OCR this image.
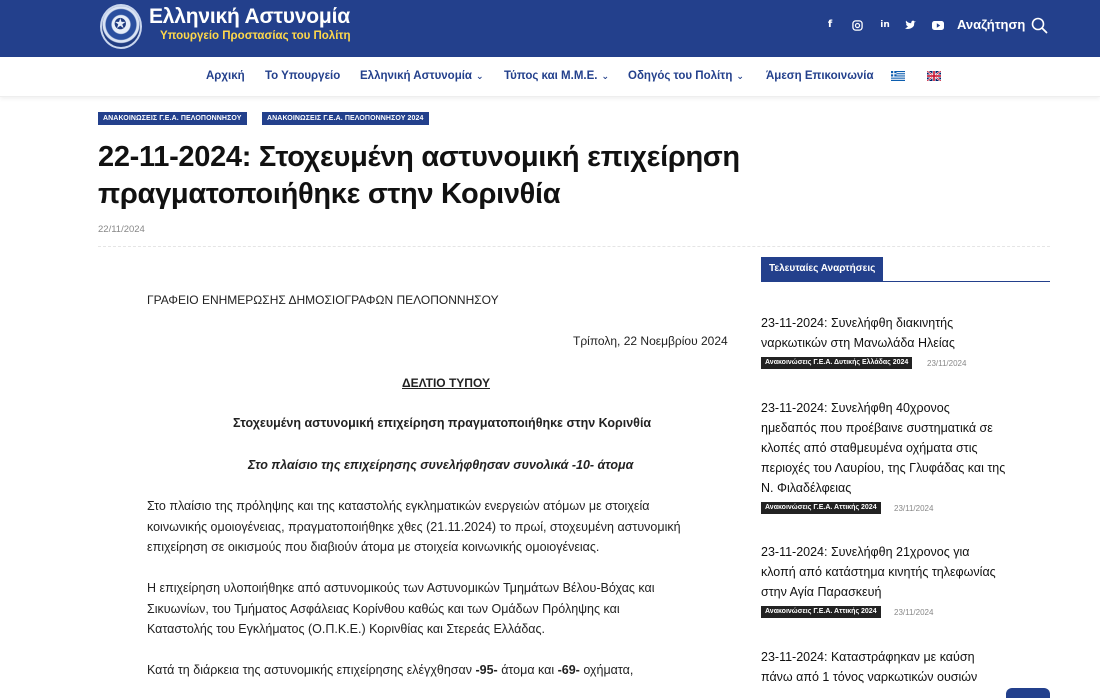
✪ Ελληνική Αστυνομία
Υπουργείο Προστασίας του Πολίτη
f	in	Αναζήτηση
Αρχική Το Υπουργείο Ελληνική Αστυνομία ⌄ Τύπος και Μ.Μ.Ε. ⌄ Οδηγός του Πολίτη ⌄ Άμεση Επικοινωνία
ΑΝΑΚΟΙΝΩΣΕΙΣ Γ.Ε.Α. ΠΕΛΟΠΟΝΝΗΣΟΥ	ΑΝΑΚΟΙΝΩΣΕΙΣ Γ.Ε.Α. ΠΕΛΟΠΟΝΝΗΣΟΥ 2024
22-11-2024: Στοχευμένη αστυνομική επιχείρηση πραγματοποιήθηκε στην Κορινθία
22/11/2024
ΓΡΑΦΕΙΟ ΕΝΗΜΕΡΩΣΗΣ ΔΗΜΟΣΙΟΓΡΑΦΩΝ ΠΕΛΟΠΟΝΝΗΣΟΥ
Τρίπολη, 22 Νοεμβρίου 2024
ΔΕΛΤΙΟ ΤΥΠΟΥ
Στοχευμένη αστυνομική επιχείρηση πραγματοποιήθηκε στην Κορινθία
Στο πλαίσιο της επιχείρησης συνελήφθησαν συνολικά -10- άτομα
Στο πλαίσιο της πρόληψης και της καταστολής εγκληματικών ενεργειών ατόμων με στοιχεία
κοινωνικής ομοιογένειας, πραγματοποιήθηκε χθες (21.11.2024) το πρωί, στοχευμένη αστυνομική
επιχείρηση σε οικισμούς που διαβιούν άτομα με στοιχεία κοινωνικής ομοιογένειας.
Η επιχείρηση υλοποιήθηκε από αστυνομικούς των Αστυνομικών Τμημάτων Βέλου-Βόχας και
Σικυωνίων, του Τμήματος Ασφάλειας Κορίνθου καθώς και των Ομάδων Πρόληψης και
Καταστολής του Εγκλήματος (Ο.Π.Κ.Ε.) Κορινθίας και Στερεάς Ελλάδας.
Κατά τη διάρκεια της αστυνομικής επιχείρησης ελέγχθησαν -95- άτομα και -69- οχήματα,
Τελευταίες Αναρτήσεις
23-11-2024: Συνελήφθη διακινητής ναρκωτικών στη Μανωλάδα Ηλείας
Ανακοινώσεις Γ.Ε.Α. Δυτικής Ελλάδας 2024	23/11/2024
23-11-2024: Συνελήφθη 40χρονος ημεδαπός που προέβαινε συστηματικά σε κλοπές από σταθμευμένα οχήματα στις περιοχές του Λαυρίου, της Γλυφάδας και της Ν. Φιλαδέλφειας
Ανακοινώσεις Γ.Ε.Α. Αττικής 2024	23/11/2024
23-11-2024: Συνελήφθη 21χρονος για κλοπή από κατάστημα κινητής τηλεφωνίας στην Αγία Παρασκευή
Ανακοινώσεις Γ.Ε.Α. Αττικής 2024	23/11/2024
23-11-2024: Καταστράφηκαν με καύση πάνω από 1 τόνος ναρκωτικών ουσιών
